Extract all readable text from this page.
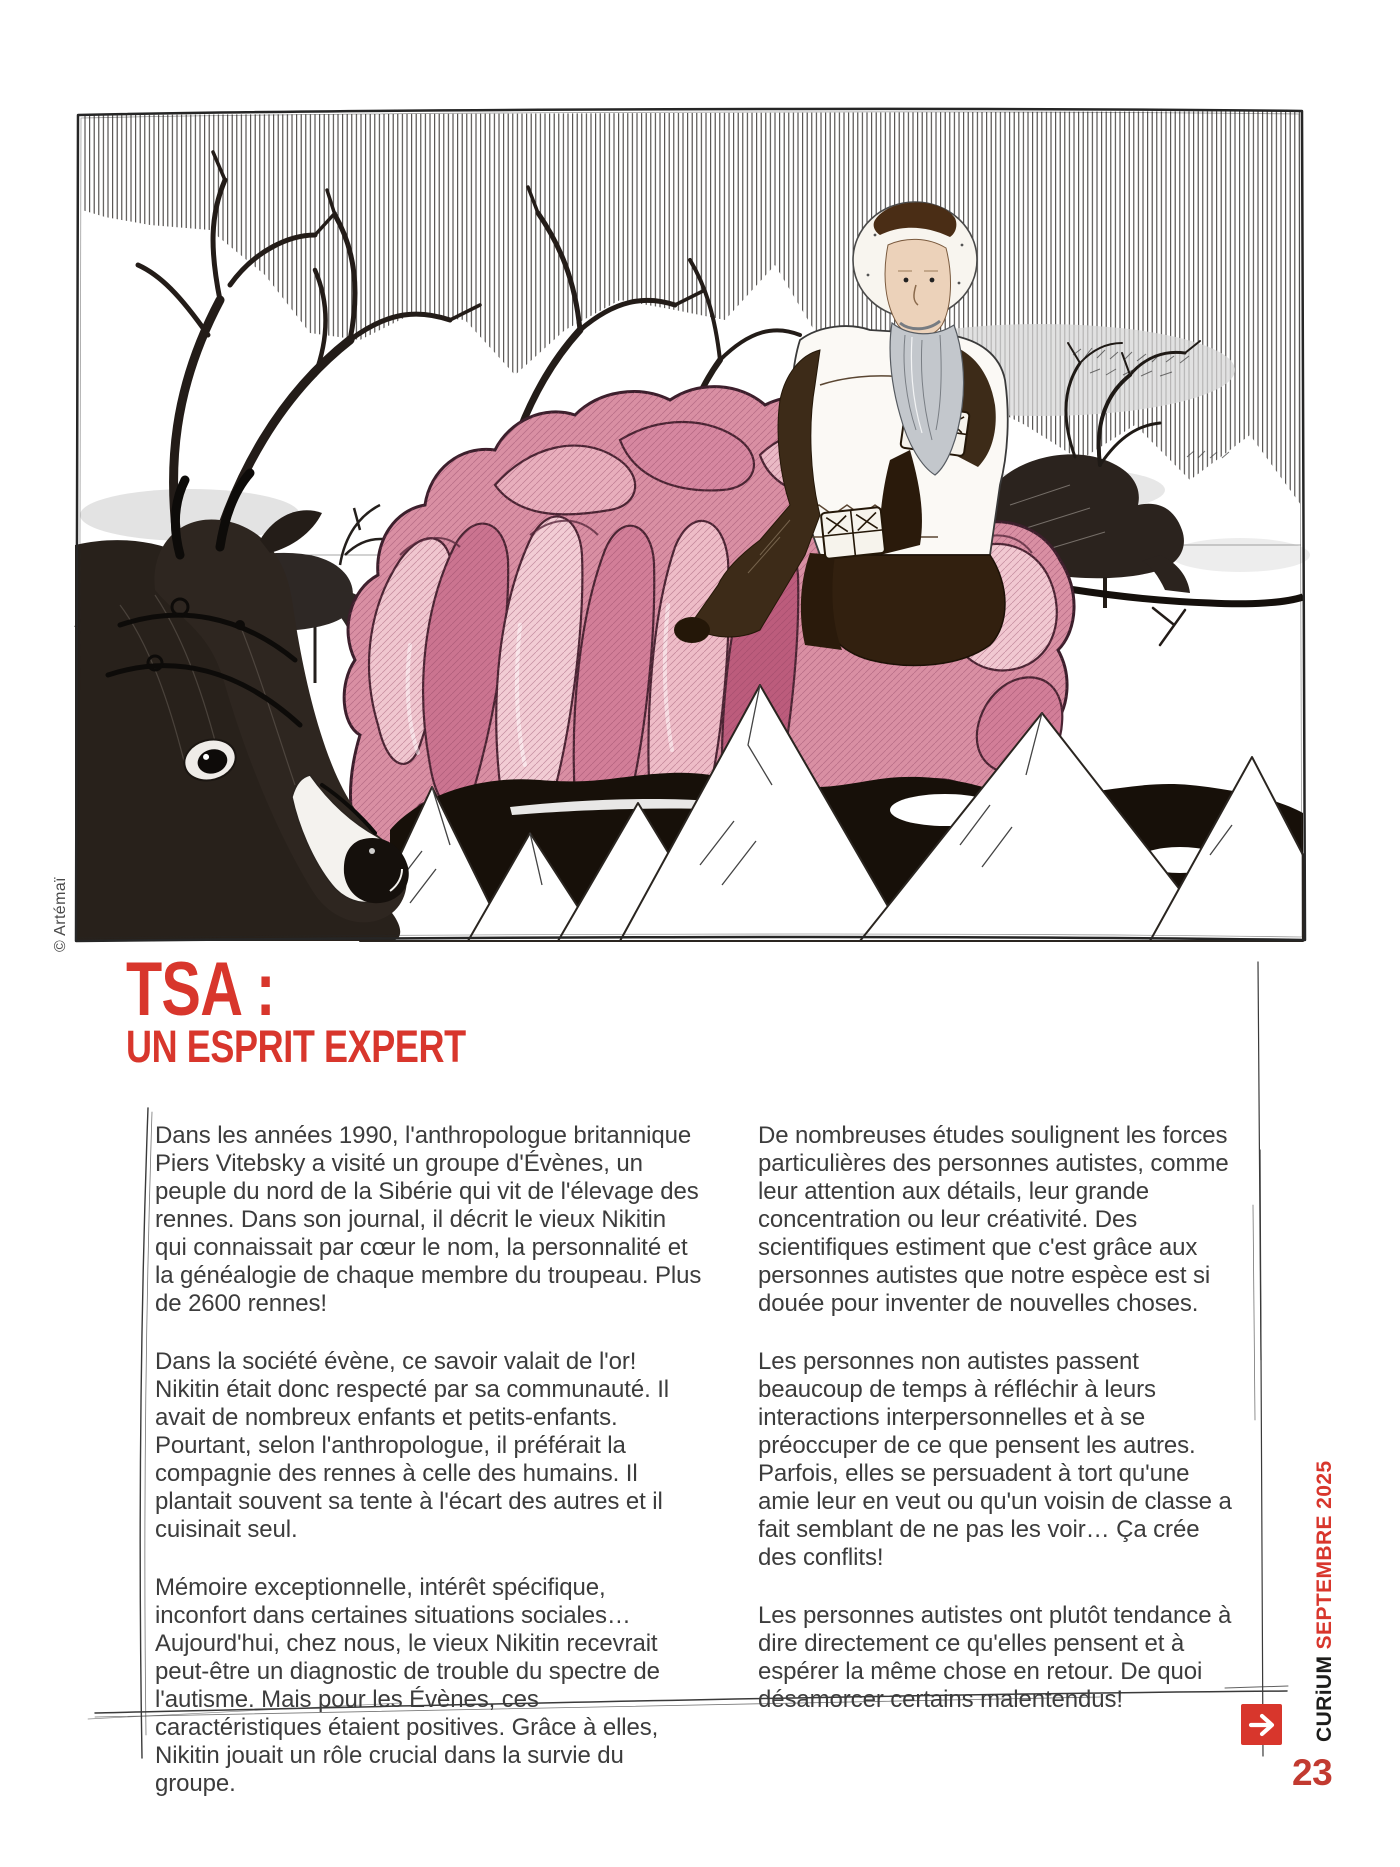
© Artémaï
TSA :
UN ESPRIT EXPERT

Dans les années 1990, l'anthropologue britannique Piers Vitebsky a visité un groupe d'Évènes, un peuple du nord de la Sibérie qui vit de l'élevage des rennes. Dans son journal, il décrit le vieux Nikitin qui connaissait par cœur le nom, la personnalité et la généalogie de chaque membre du troupeau. Plus de 2600 rennes!

Dans la société évène, ce savoir valait de l'or! Nikitin était donc respecté par sa communauté. Il avait de nombreux enfants et petits-enfants. Pourtant, selon l'anthropologue, il préférait la compagnie des rennes à celle des humains. Il plantait souvent sa tente à l'écart des autres et il cuisinait seul.

Mémoire exceptionnelle, intérêt spécifique, inconfort dans certaines situations sociales… Aujourd'hui, chez nous, le vieux Nikitin recevrait peut-être un diagnostic de trouble du spectre de l'autisme. Mais pour les Évènes, ces caractéristiques étaient positives. Grâce à elles, Nikitin jouait un rôle crucial dans la survie du groupe.

De nombreuses études soulignent les forces particulières des personnes autistes, comme leur attention aux détails, leur grande concentration ou leur créativité. Des scientifiques estiment que c'est grâce aux personnes autistes que notre espèce est si douée pour inventer de nouvelles choses.

Les personnes non autistes passent beaucoup de temps à réfléchir à leurs interactions interpersonnelles et à se préoccuper de ce que pensent les autres. Parfois, elles se persuadent à tort qu'une amie leur en veut ou qu'un voisin de classe a fait semblant de ne pas les voir… Ça crée des conflits!

Les personnes autistes ont plutôt tendance à dire directement ce qu'elles pensent et à espérer la même chose en retour. De quoi désamorcer certains malentendus!	CURiUM SEPTEMBRE 2025
23
